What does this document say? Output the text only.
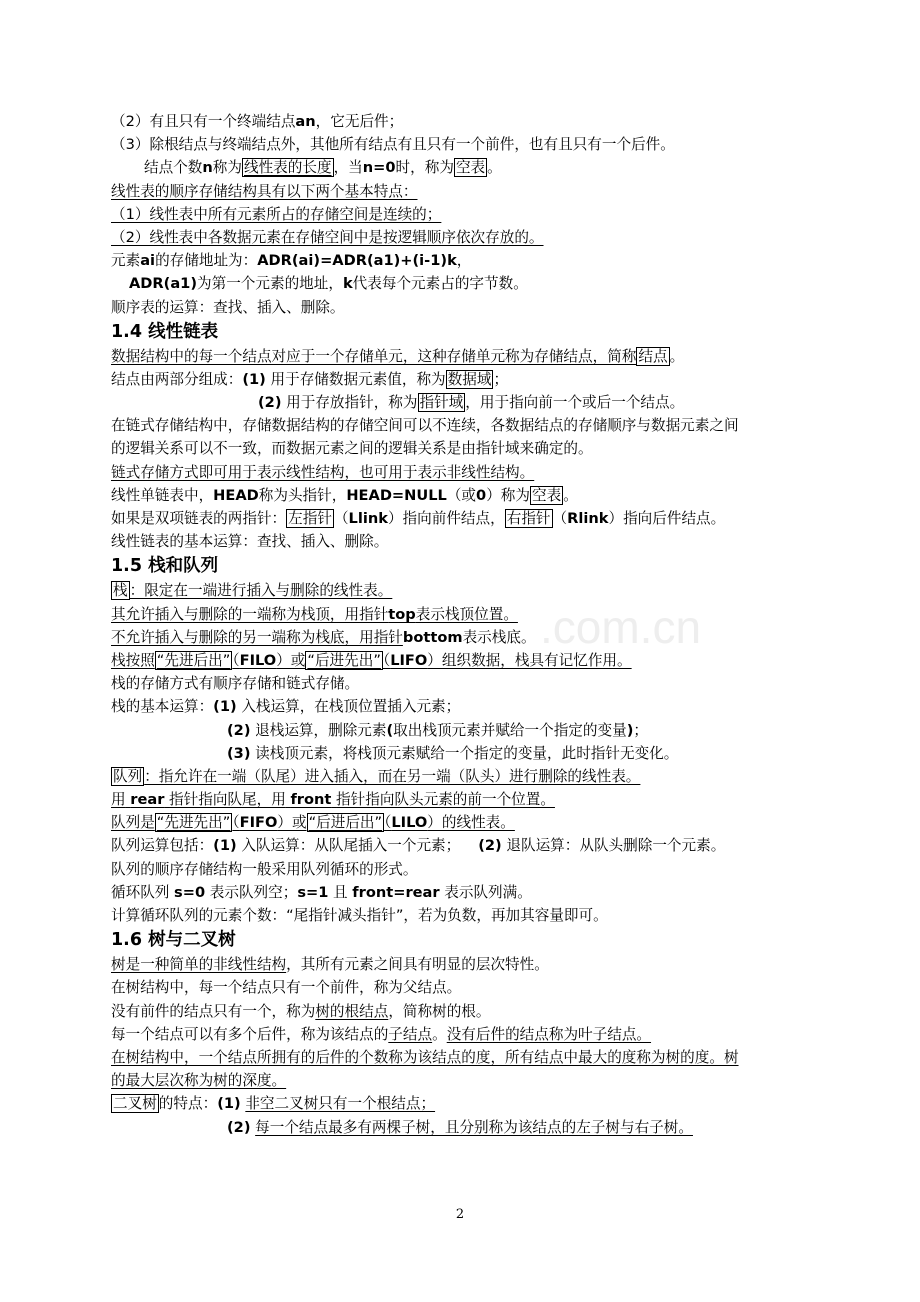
.com.cn
（2）有且只有一个终端结点an，它无后件；
（3）除根结点与终端结点外，其他所有结点有且只有一个前件，也有且只有一个后件。
结点个数n称为 线性表的长度 ，当n=0时，称为 空表 。
线性表的顺序存储结构具有以下两个基本特点：
（1）线性表中所有元素所占的存储空间是连续的；
（2）线性表中各数据元素在存储空间中是按逻辑顺序依次存放的。
元素ai的存储地址为：ADR(ai)=ADR(a1)+(i-1)k，
ADR(a1)为第一个元素的地址，k代表每个元素占的字节数。
顺序表的运算：查找、插入、删除。
1.4 线性链表
数据结构中的每一个结点对应于一个存储单元，这种存储单元称为存储结点，简称 结点 。
结点由两部分组成：(1) 用于存储数据元素值，称为 数据域 ；
(2) 用于存放指针，称为 指针域 ，用于指向前一个或后一个结点。
在链式存储结构中，存储数据结构的存储空间可以不连续，各数据结点的存储顺序与数据元素之间
的逻辑关系可以不一致，而数据元素之间的逻辑关系是由指针域来确定的。
链式存储方式即可用于表示线性结构，也可用于表示非线性结构。
线性单链表中，HEAD称为头指针，HEAD=NULL（或0）称为 空表 。
如果是双项链表的两指针： 左指针 （Llink）指向前件结点， 右指针 （Rlink）指向后件结点。
线性链表的基本运算：查找、插入、删除。
1.5 栈和队列
栈 ：限定在一端进行插入与删除的线性表。
其允许插入与删除的一端称为栈顶，用指针top表示栈顶位置。
不允许插入与删除的另一端称为栈底，用指针bottom表示栈底。
栈按照 “先进后出” （FILO）或 “后进先出” （LIFO）组织数据，栈具有记忆作用。
栈的存储方式有顺序存储和链式存储。
栈的基本运算：(1) 入栈运算，在栈顶位置插入元素；
(2) 退栈运算，删除元素(取出栈顶元素并赋给一个指定的变量)；
(3) 读栈顶元素，将栈顶元素赋给一个指定的变量，此时指针无变化。
队列 ：指允许在一端（队尾）进入插入，而在另一端（队头）进行删除的线性表。
用 rear 指针指向队尾，用 front 指针指向队头元素的前一个位置。
队列是 “先进先出” （FIFO）或 “后进后出” （LILO）的线性表。
队列运算包括：(1) 入队运算：从队尾插入一个元素； (2) 退队运算：从队头删除一个元素。
队列的顺序存储结构一般采用队列循环的形式。
循环队列 s=0 表示队列空；s=1 且 front=rear 表示队列满。
计算循环队列的元素个数：“尾指针减头指针”，若为负数，再加其容量即可。
1.6 树与二叉树
树是一种简单的非线性结构，其所有元素之间具有明显的层次特性。
在树结构中，每一个结点只有一个前件，称为父结点。
没有前件的结点只有一个，称为树的根结点，简称树的根。
每一个结点可以有多个后件，称为该结点的子结点。没有后件的结点称为叶子结点。
在树结构中，一个结点所拥有的后件的个数称为该结点的度，所有结点中最大的度称为树的度。树
的最大层次称为树的深度。
二叉树 的特点：(1) 非空二叉树只有一个根结点；
(2) 每一个结点最多有两棵子树，且分别称为该结点的左子树与右子树。
2
